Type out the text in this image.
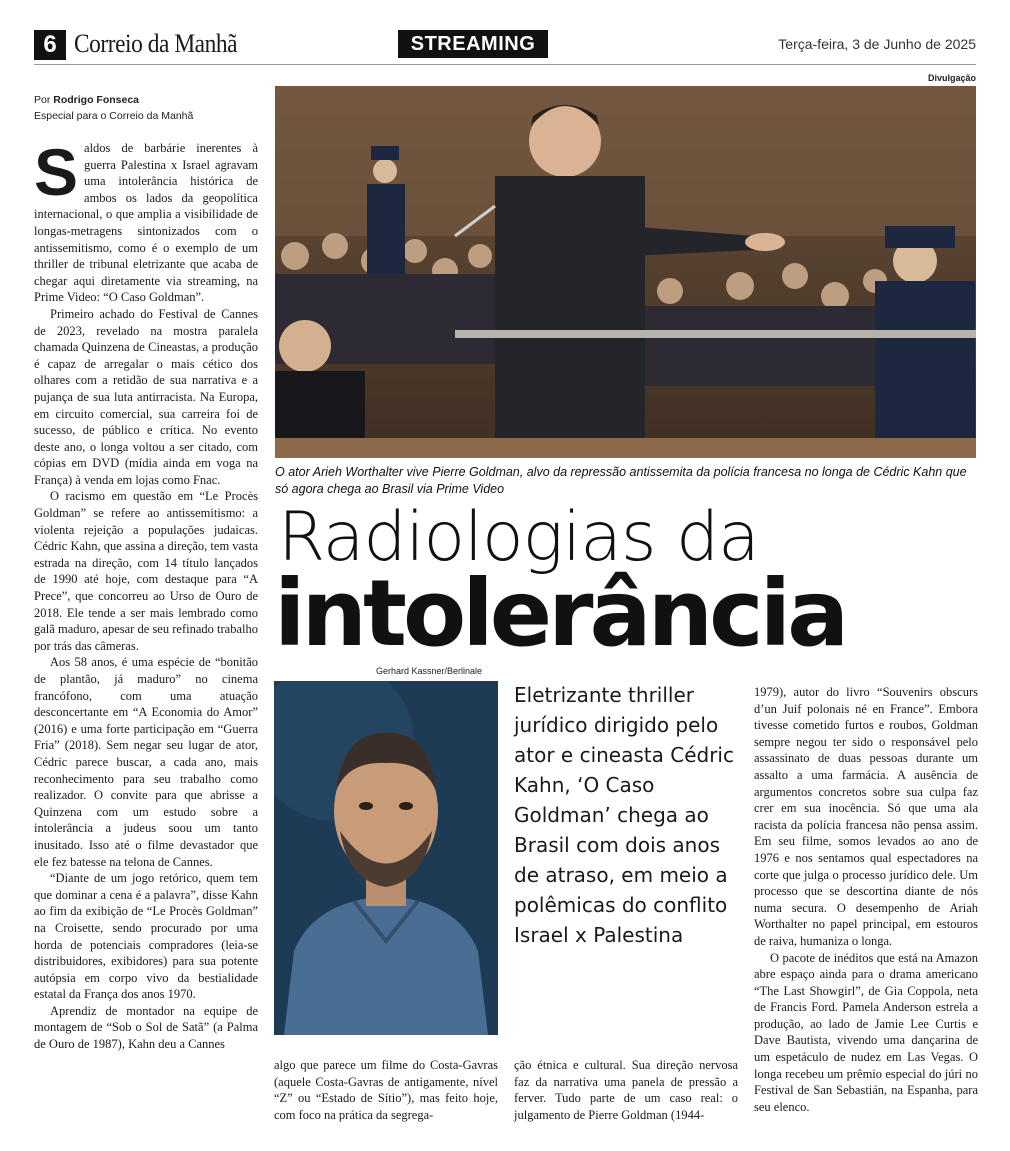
6 Correio da Manhã	STREAMING	Terça-feira, 3 de Junho de 2025
Por Rodrigo Fonseca
Especial para o Correio da Manhã

Saldos de barbárie inerentes à guerra Palestina x Israel agravam uma intolerância histórica de ambos os lados da geopolítica internacional, o que amplia a visibilidade de longas-metragens sintonizados com o antissemitismo, como é o exemplo de um thriller de tribunal eletrizante que acaba de chegar aqui diretamente via streaming, na Prime Video: “O Caso Goldman”.

Primeiro achado do Festival de Cannes de 2023, revelado na mostra paralela chamada Quinzena de Cineastas, a produção é capaz de arregalar o mais cético dos olhares com a retidão de sua narrativa e a pujança de sua luta antirracista. Na Europa, em circuito comercial, sua carreira foi de sucesso, de público e crítica. No evento deste ano, o longa voltou a ser citado, com cópias em DVD (mídia ainda em voga na França) à venda em lojas como Fnac.

O racismo em questão em “Le Procès Goldman” se refere ao antissemitismo: a violenta rejeição a populações judaicas. Cédric Kahn, que assina a direção, tem vasta estrada na direção, com 14 título lançados de 1990 até hoje, com destaque para “A Prece”, que concorreu ao Urso de Ouro de 2018. Ele tende a ser mais lembrado como galã maduro, apesar de seu refinado trabalho por trás das câmeras.

Aos 58 anos, é uma espécie de “bonitão de plantão, já maduro” no cinema francófono, com uma atuação desconcertante em “A Economia do Amor” (2016) e uma forte participação em “Guerra Fria” (2018). Sem negar seu lugar de ator, Cédric parece buscar, a cada ano, mais reconhecimento para seu trabalho como realizador. O convite para que abrisse a Quinzena com um estudo sobre a intolerância a judeus soou um tanto inusitado. Isso até o filme devastador que ele fez batesse na telona de Cannes.

“Diante de um jogo retórico, quem tem que dominar a cena é a palavra”, disse Kahn ao fim da exibição de “Le Procès Goldman” na Croisette, sendo procurado por uma horda de potenciais compradores (leia-se distribuidores, exibidores) para sua potente autópsia em corpo vivo da bestialidade estatal da França dos anos 1970.

Aprendiz de montador na equipe de montagem de “Sob o Sol de Satã” (a Palma de Ouro de 1987), Kahn deu a Cannes

Divulgação
O ator Arieh Worthalter vive Pierre Goldman, alvo da repressão antissemita da polícia francesa no longa de Cédric Kahn que só agora chega ao Brasil via Prime Video
Radiologias da
intolerância
Gerhard Kassner/Berlinale
Eletrizante thriller jurídico dirigido pelo ator e cineasta Cédric Kahn, ‘O Caso Goldman’ chega ao Brasil com dois anos de atraso, em meio a polêmicas do conflito Israel x Palestina

algo que parece um filme do Costa-Gavras (aquele Costa-Gavras de antigamente, nível “Z” ou “Estado de Sítio”), mas feito hoje, com foco na prática da segrega-

ção étnica e cultural. Sua direção nervosa faz da narrativa uma panela de pressão a ferver. Tudo parte de um caso real: o julgamento de Pierre Goldman (1944-

1979), autor do livro “Souvenirs obscurs d’un Juif polonais né en France”. Embora tivesse cometido furtos e roubos, Goldman sempre negou ter sido o responsável pelo assassinato de duas pessoas durante um assalto a uma farmácia. A ausência de argumentos concretos sobre sua culpa faz crer em sua inocência. Só que uma ala racista da polícia francesa não pensa assim. Em seu filme, somos levados ao ano de 1976 e nos sentamos qual espectadores na corte que julga o processo jurídico dele. Um processo que se descortina diante de nós numa secura. O desempenho de Ariah Worthalter no papel principal, em estouros de raiva, humaniza o longa.

O pacote de inéditos que está na Amazon abre espaço ainda para o drama americano “The Last Showgirl”, de Gia Coppola, neta de Francis Ford. Pamela Anderson estrela a produção, ao lado de Jamie Lee Curtis e Dave Bautista, vivendo uma dançarina de um espetáculo de nudez em Las Vegas. O longa recebeu um prêmio especial do júri no Festival de San Sebastián, na Espanha, para seu elenco.
